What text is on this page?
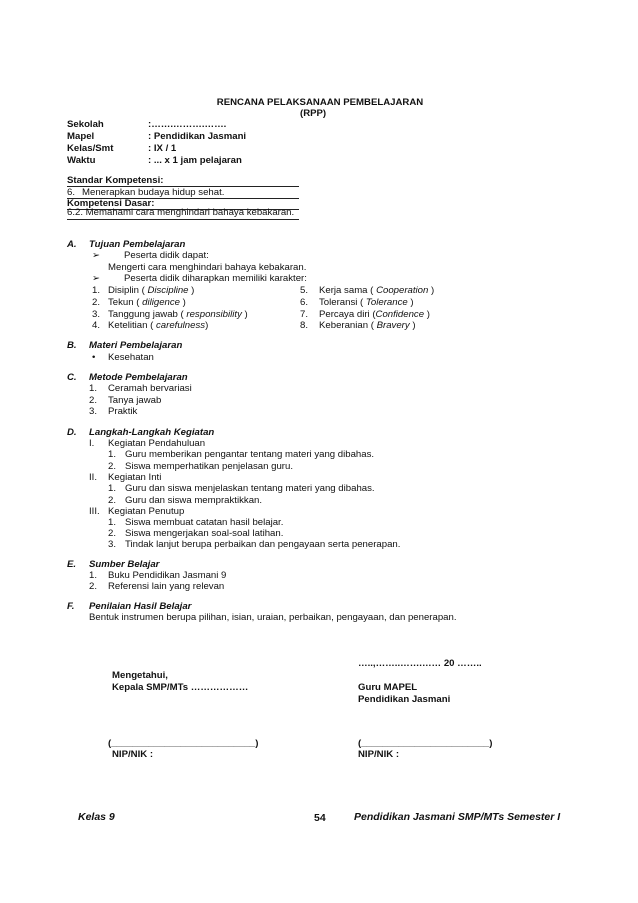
RENCANA PELAKSANAAN PEMBELAJARAN
(RPP)
Sekolah	:…….……….…….
Mapel	: Pendidikan Jasmani
Kelas/Smt	: IX / 1
Waktu	: ... x 1 jam pelajaran
Standar Kompetensi:
6. Menerapkan budaya hidup sehat.
Kompetensi Dasar:
6.2. Memahami cara menghindari bahaya kebakaran.
A. Tujuan Pembelajaran
➢ Peserta didik dapat:
Mengerti cara menghindari bahaya kebakaran.
➢ Peserta didik diharapkan memiliki karakter:
1. Disiplin ( Discipline )
2. Tekun ( diligence )
3. Tanggung jawab ( responsibility )
4. Ketelitian ( carefulness)
5. Kerja sama ( Cooperation )
6. Toleransi ( Tolerance )
7. Percaya diri (Confidence )
8. Keberanian ( Bravery )
B. Materi Pembelajaran
• Kesehatan
C. Metode Pembelajaran
1. Ceramah bervariasi
2. Tanya jawab
3. Praktik
D. Langkah-Langkah Kegiatan
I. Kegiatan Pendahuluan
1. Guru memberikan pengantar tentang materi yang dibahas.
2. Siswa memperhatikan penjelasan guru.
II. Kegiatan Inti
1. Guru dan siswa menjelaskan tentang materi yang dibahas.
2. Guru dan siswa mempraktikkan.
III. Kegiatan Penutup
1. Siswa membuat catatan hasil belajar.
2. Siswa mengerjakan soal-soal latihan.
3. Tindak lanjut berupa perbaikan dan pengayaan serta penerapan.
E. Sumber Belajar
1. Buku Pendidikan Jasmani 9
2. Referensi lain yang relevan
F. Penilaian Hasil Belajar
Bentuk instrumen berupa pilihan, isian, uraian, perbaikan, pengayaan, dan penerapan.
…..,……..…….…… 20 ……..
Mengetahui,
Kepala SMP/MTs ………………	Guru MAPEL
Pendidikan Jasmani
(___________________________)	(________________________)
NIP/NIK :	NIP/NIK :
Kelas 9	54	Pendidikan Jasmani SMP/MTs Semester I
